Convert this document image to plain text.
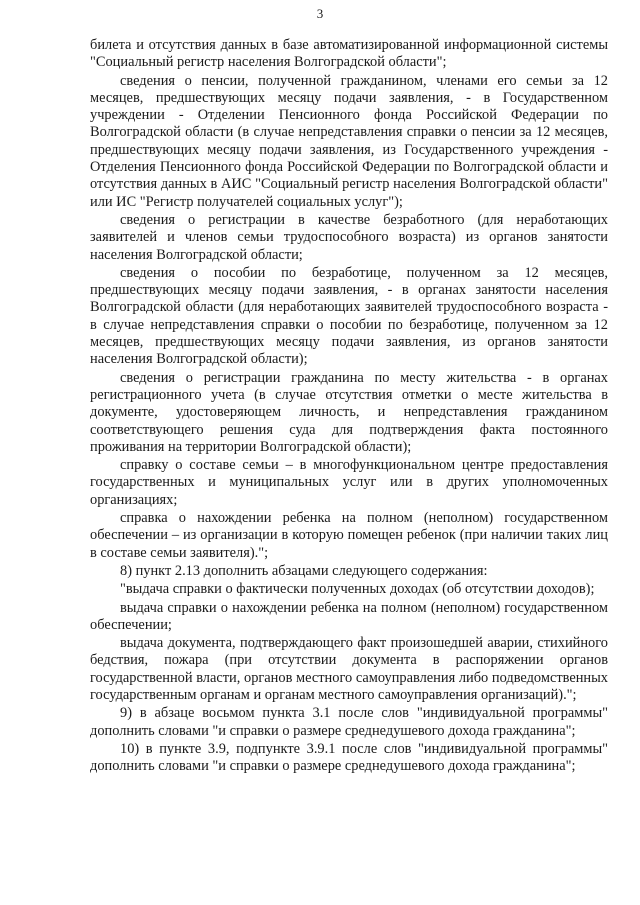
3

билета и отсутствия данных в базе автоматизированной информационной системы "Социальный регистр населения Волгоградской области";

сведения о пенсии, полученной гражданином, членами его семьи за 12 месяцев, предшествующих месяцу подачи заявления, - в Государственном учреждении - Отделении Пенсионного фонда Российской Федерации по Волгоградской области (в случае непредставления справки о пенсии за 12 месяцев, предшествующих месяцу подачи заявления, из Государственного учреждения - Отделения Пенсионного фонда Российской Федерации по Волгоградской области и отсутствия данных в АИС "Социальный регистр населения Волгоградской области" или ИС "Регистр получателей социальных услуг");

сведения о регистрации в качестве безработного (для неработающих заявителей и членов семьи трудоспособного возраста) из органов занятости населения Волгоградской области;

сведения о пособии по безработице, полученном за 12 месяцев, предшествующих месяцу подачи заявления, - в органах занятости населения Волгоградской области (для неработающих заявителей трудоспособного возраста - в случае непредставления справки о пособии по безработице, полученном за 12 месяцев, предшествующих месяцу подачи заявления, из органов занятости населения Волгоградской области);

сведения о регистрации гражданина по месту жительства - в органах регистрационного учета (в случае отсутствия отметки о месте жительства в документе, удостоверяющем личность, и непредставления гражданином соответствующего решения суда для подтверждения факта постоянного проживания на территории Волгоградской области);

справку о составе семьи – в многофункциональном центре предоставления государственных и муниципальных услуг или в других уполномоченных организациях;

справка о нахождении ребенка на полном (неполном) государственном обеспечении – из организации в которую помещен ребенок (при наличии таких лиц в составе семьи заявителя).";

8) пункт 2.13 дополнить абзацами следующего содержания:

"выдача справки о фактически полученных доходах (об отсутствии доходов);

выдача справки о нахождении ребенка на полном (неполном) государственном обеспечении;

выдача документа, подтверждающего факт произошедшей аварии, стихийного бедствия, пожара (при отсутствии документа в распоряжении органов государственной власти, органов местного самоуправления либо подведомственных государственным органам и органам местного самоуправления организаций).";

9) в абзаце восьмом пункта 3.1 после слов "индивидуальной программы" дополнить словами "и справки о размере среднедушевого дохода гражданина";

10) в пункте 3.9, подпункте 3.9.1 после слов "индивидуальной программы" дополнить словами "и справки о размере среднедушевого дохода гражданина";
